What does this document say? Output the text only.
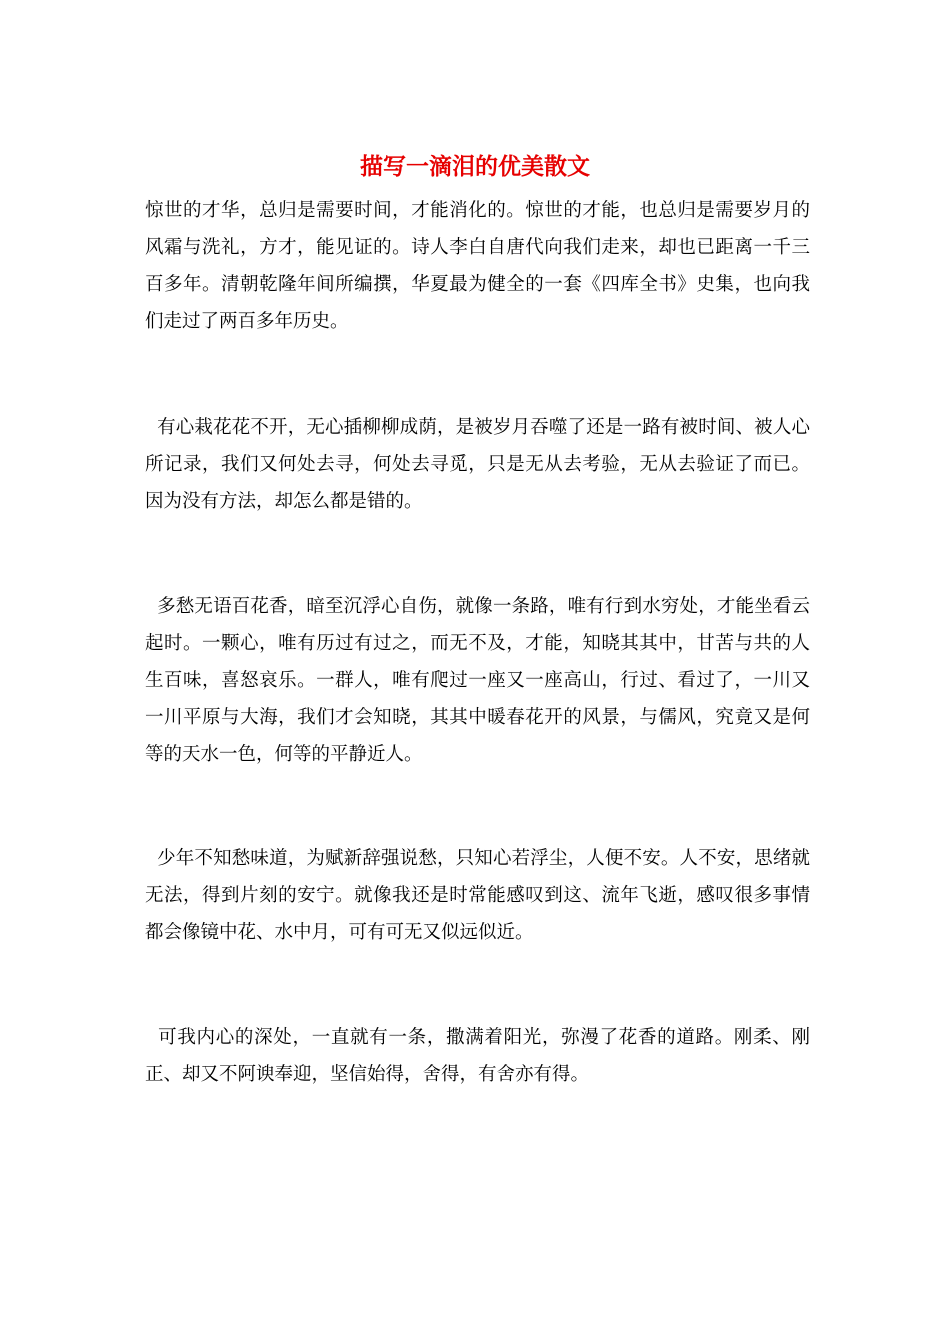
描写一滴泪的优美散文

惊世的才华，总归是需要时间，才能消化的。惊世的才能，也总归是需要岁月的风霜与洗礼，方才，能见证的。诗人李白自唐代向我们走来，却也已距离一千三百多年。清朝乾隆年间所编撰，华夏最为健全的一套《四库全书》史集，也向我们走过了两百多年历史。

有心栽花花不开，无心插柳柳成荫，是被岁月吞噬了还是一路有被时间、被人心所记录，我们又何处去寻，何处去寻觅，只是无从去考验，无从去验证了而已。因为没有方法，却怎么都是错的。

多愁无语百花香，暗至沉浮心自伤，就像一条路，唯有行到水穷处，才能坐看云起时。一颗心，唯有历过有过之，而无不及，才能，知晓其其中，甘苦与共的人生百味，喜怒哀乐。一群人，唯有爬过一座又一座高山，行过、看过了，一川又一川平原与大海，我们才会知晓，其其中暖春花开的风景，与儒风，究竟又是何等的天水一色，何等的平静近人。

少年不知愁味道，为赋新辞强说愁，只知心若浮尘，人便不安。人不安，思绪就无法，得到片刻的安宁。就像我还是时常能感叹到这、流年飞逝，感叹很多事情都会像镜中花、水中月，可有可无又似远似近。

可我内心的深处，一直就有一条，撒满着阳光，弥漫了花香的道路。刚柔、刚正、却又不阿谀奉迎，坚信始得，舍得，有舍亦有得。
